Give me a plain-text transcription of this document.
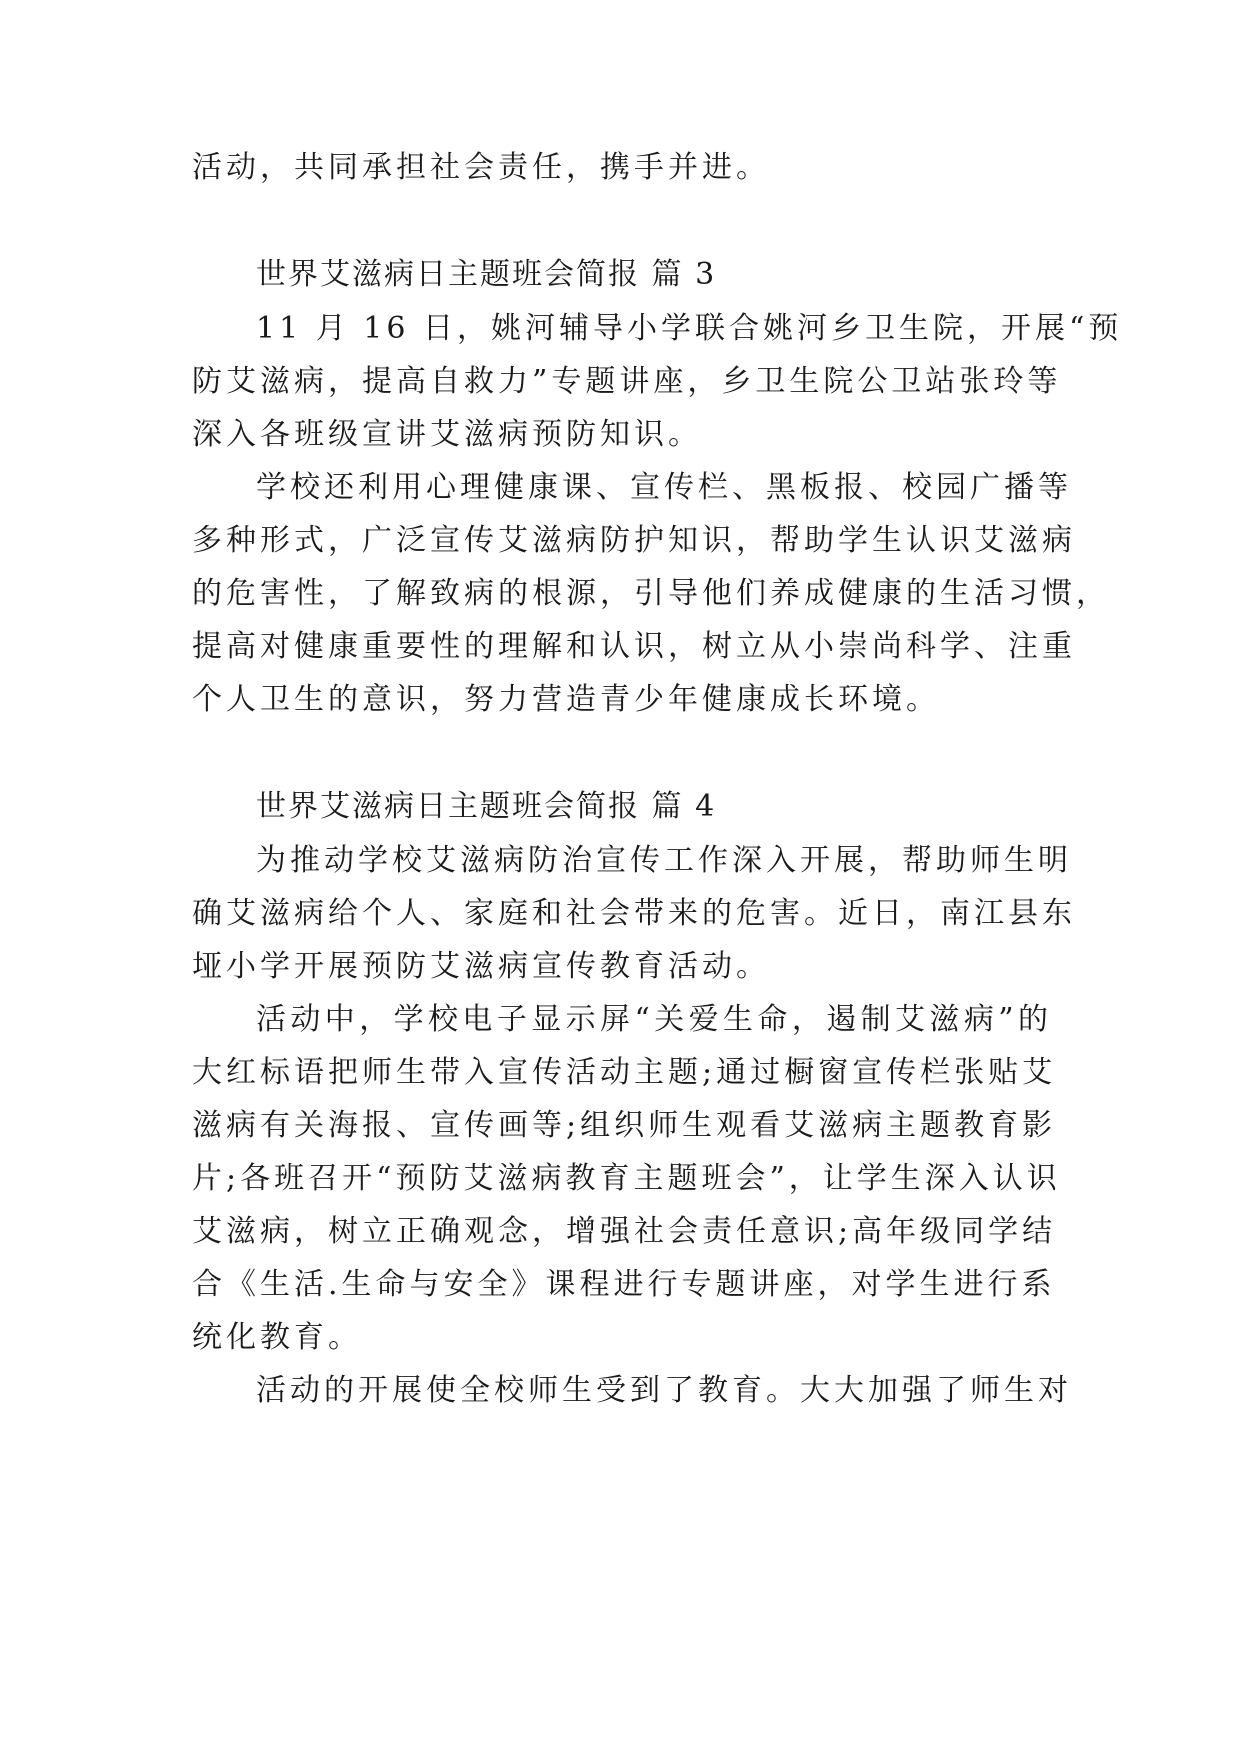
活动，共同承担社会责任，携手并进。
世界艾滋病日主题班会简报 篇 3
11 月 16 日，姚河辅导小学联合姚河乡卫生院，开展“预
防艾滋病，提高自救力”专题讲座，乡卫生院公卫站张玲等
深入各班级宣讲艾滋病预防知识。
学校还利用心理健康课、宣传栏、黑板报、校园广播等
多种形式，广泛宣传艾滋病防护知识，帮助学生认识艾滋病
的危害性，了解致病的根源，引导他们养成健康的生活习惯，
提高对健康重要性的理解和认识，树立从小崇尚科学、注重
个人卫生的意识，努力营造青少年健康成长环境。
世界艾滋病日主题班会简报 篇 4
为推动学校艾滋病防治宣传工作深入开展，帮助师生明
确艾滋病给个人、家庭和社会带来的危害。近日，南江县东
垭小学开展预防艾滋病宣传教育活动。
活动中，学校电子显示屏“关爱生命，遏制艾滋病”的
大红标语把师生带入宣传活动主题;通过橱窗宣传栏张贴艾
滋病有关海报、宣传画等;组织师生观看艾滋病主题教育影
片;各班召开“预防艾滋病教育主题班会”，让学生深入认识
艾滋病，树立正确观念，增强社会责任意识;高年级同学结
合《生活.生命与安全》课程进行专题讲座，对学生进行系
统化教育。
活动的开展使全校师生受到了教育。大大加强了师生对
